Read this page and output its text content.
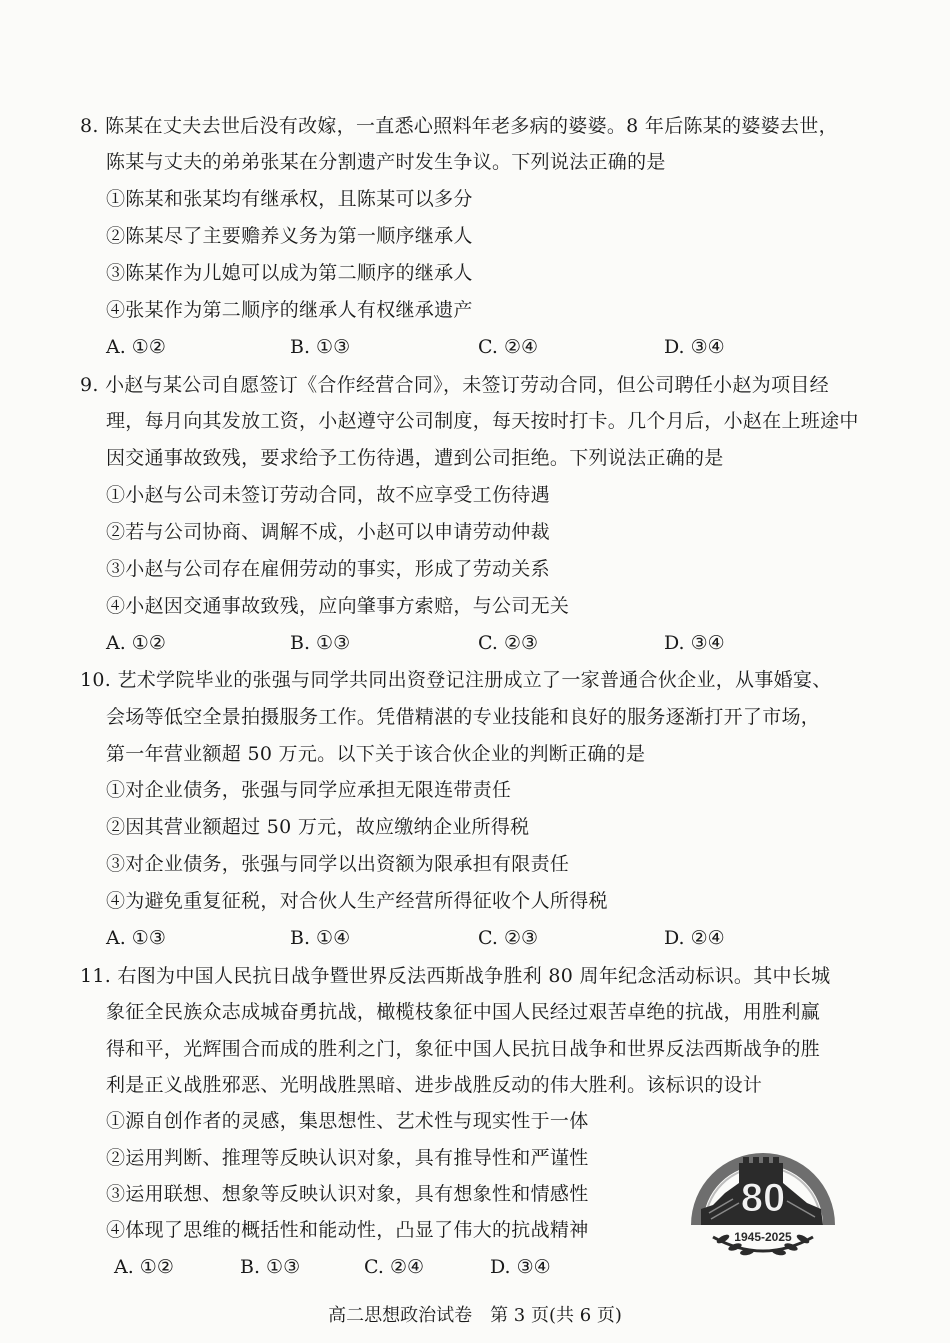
8. 陈某在丈夫去世后没有改嫁，一直悉心照料年老多病的婆婆。8 年后陈某的婆婆去世，
陈某与丈夫的弟弟张某在分割遗产时发生争议。下列说法正确的是
①陈某和张某均有继承权，且陈某可以多分
②陈某尽了主要赡养义务为第一顺序继承人
③陈某作为儿媳可以成为第二顺序的继承人
④张某作为第二顺序的继承人有权继承遗产
A. ①②	B. ①③	C. ②④	D. ③④
9. 小赵与某公司自愿签订《合作经营合同》，未签订劳动合同，但公司聘任小赵为项目经
理，每月向其发放工资，小赵遵守公司制度，每天按时打卡。几个月后，小赵在上班途中
因交通事故致残，要求给予工伤待遇，遭到公司拒绝。下列说法正确的是
①小赵与公司未签订劳动合同，故不应享受工伤待遇
②若与公司协商、调解不成，小赵可以申请劳动仲裁
③小赵与公司存在雇佣劳动的事实，形成了劳动关系
④小赵因交通事故致残，应向肇事方索赔，与公司无关
A. ①②	B. ①③	C. ②③	D. ③④
10. 艺术学院毕业的张强与同学共同出资登记注册成立了一家普通合伙企业，从事婚宴、
会场等低空全景拍摄服务工作。凭借精湛的专业技能和良好的服务逐渐打开了市场，
第一年营业额超 50 万元。以下关于该合伙企业的判断正确的是
①对企业债务，张强与同学应承担无限连带责任
②因其营业额超过 50 万元，故应缴纳企业所得税
③对企业债务，张强与同学以出资额为限承担有限责任
④为避免重复征税，对合伙人生产经营所得征收个人所得税
A. ①③	B. ①④	C. ②③	D. ②④
11. 右图为中国人民抗日战争暨世界反法西斯战争胜利 80 周年纪念活动标识。其中长城
象征全民族众志成城奋勇抗战，橄榄枝象征中国人民经过艰苦卓绝的抗战，用胜利赢
得和平，光辉围合而成的胜利之门，象征中国人民抗日战争和世界反法西斯战争的胜
利是正义战胜邪恶、光明战胜黑暗、进步战胜反动的伟大胜利。该标识的设计
①源自创作者的灵感，集思想性、艺术性与现实性于一体
②运用判断、推理等反映认识对象，具有推导性和严谨性
③运用联想、想象等反映认识对象，具有想象性和情感性
④体现了思维的概括性和能动性，凸显了伟大的抗战精神
A. ①②	B. ①③	C. ②④	D. ③④
80
1945-2025
高二思想政治试卷　第 3 页(共 6 页)
